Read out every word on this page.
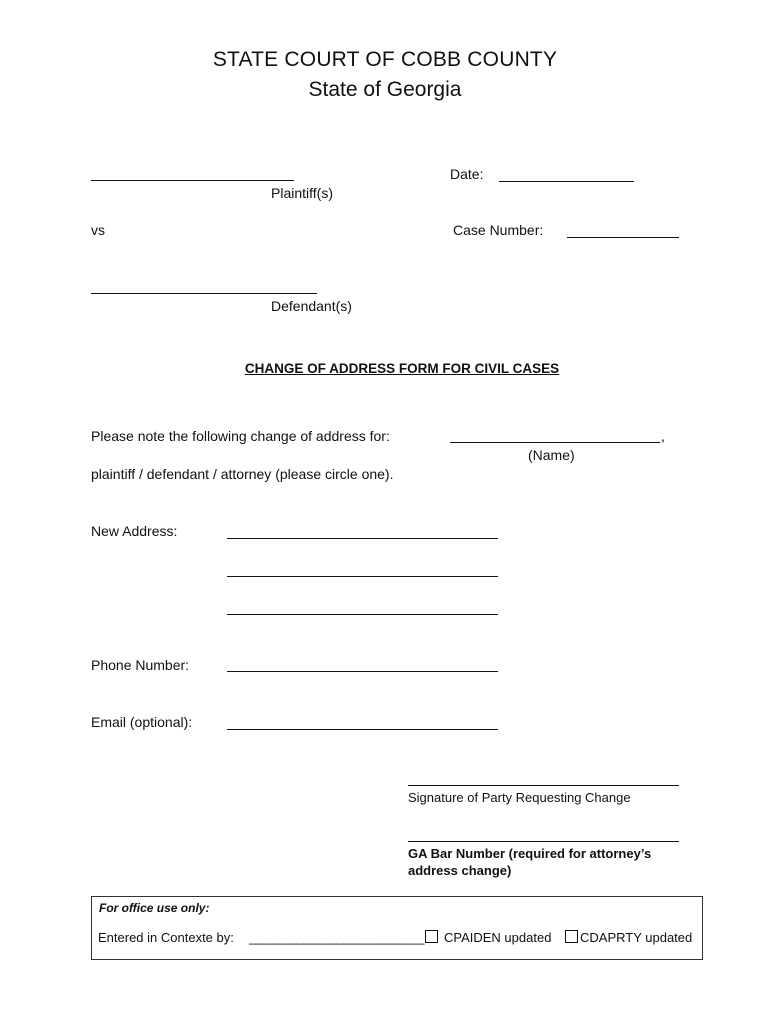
STATE COURT OF COBB COUNTY
State of Georgia
Plaintiff(s)
Date:
vs	Case Number:
Defendant(s)
CHANGE OF ADDRESS FORM FOR CIVIL CASES
Please note the following change of address for:	,
(Name)
plaintiff / defendant / attorney (please circle one).
New Address:
Phone Number:
Email (optional):
Signature of Party Requesting Change
GA Bar Number (required for attorney’s
address change)
For office use only:
Entered in Contexte by: __________________________ CPAIDEN updated CDAPRTY updated
